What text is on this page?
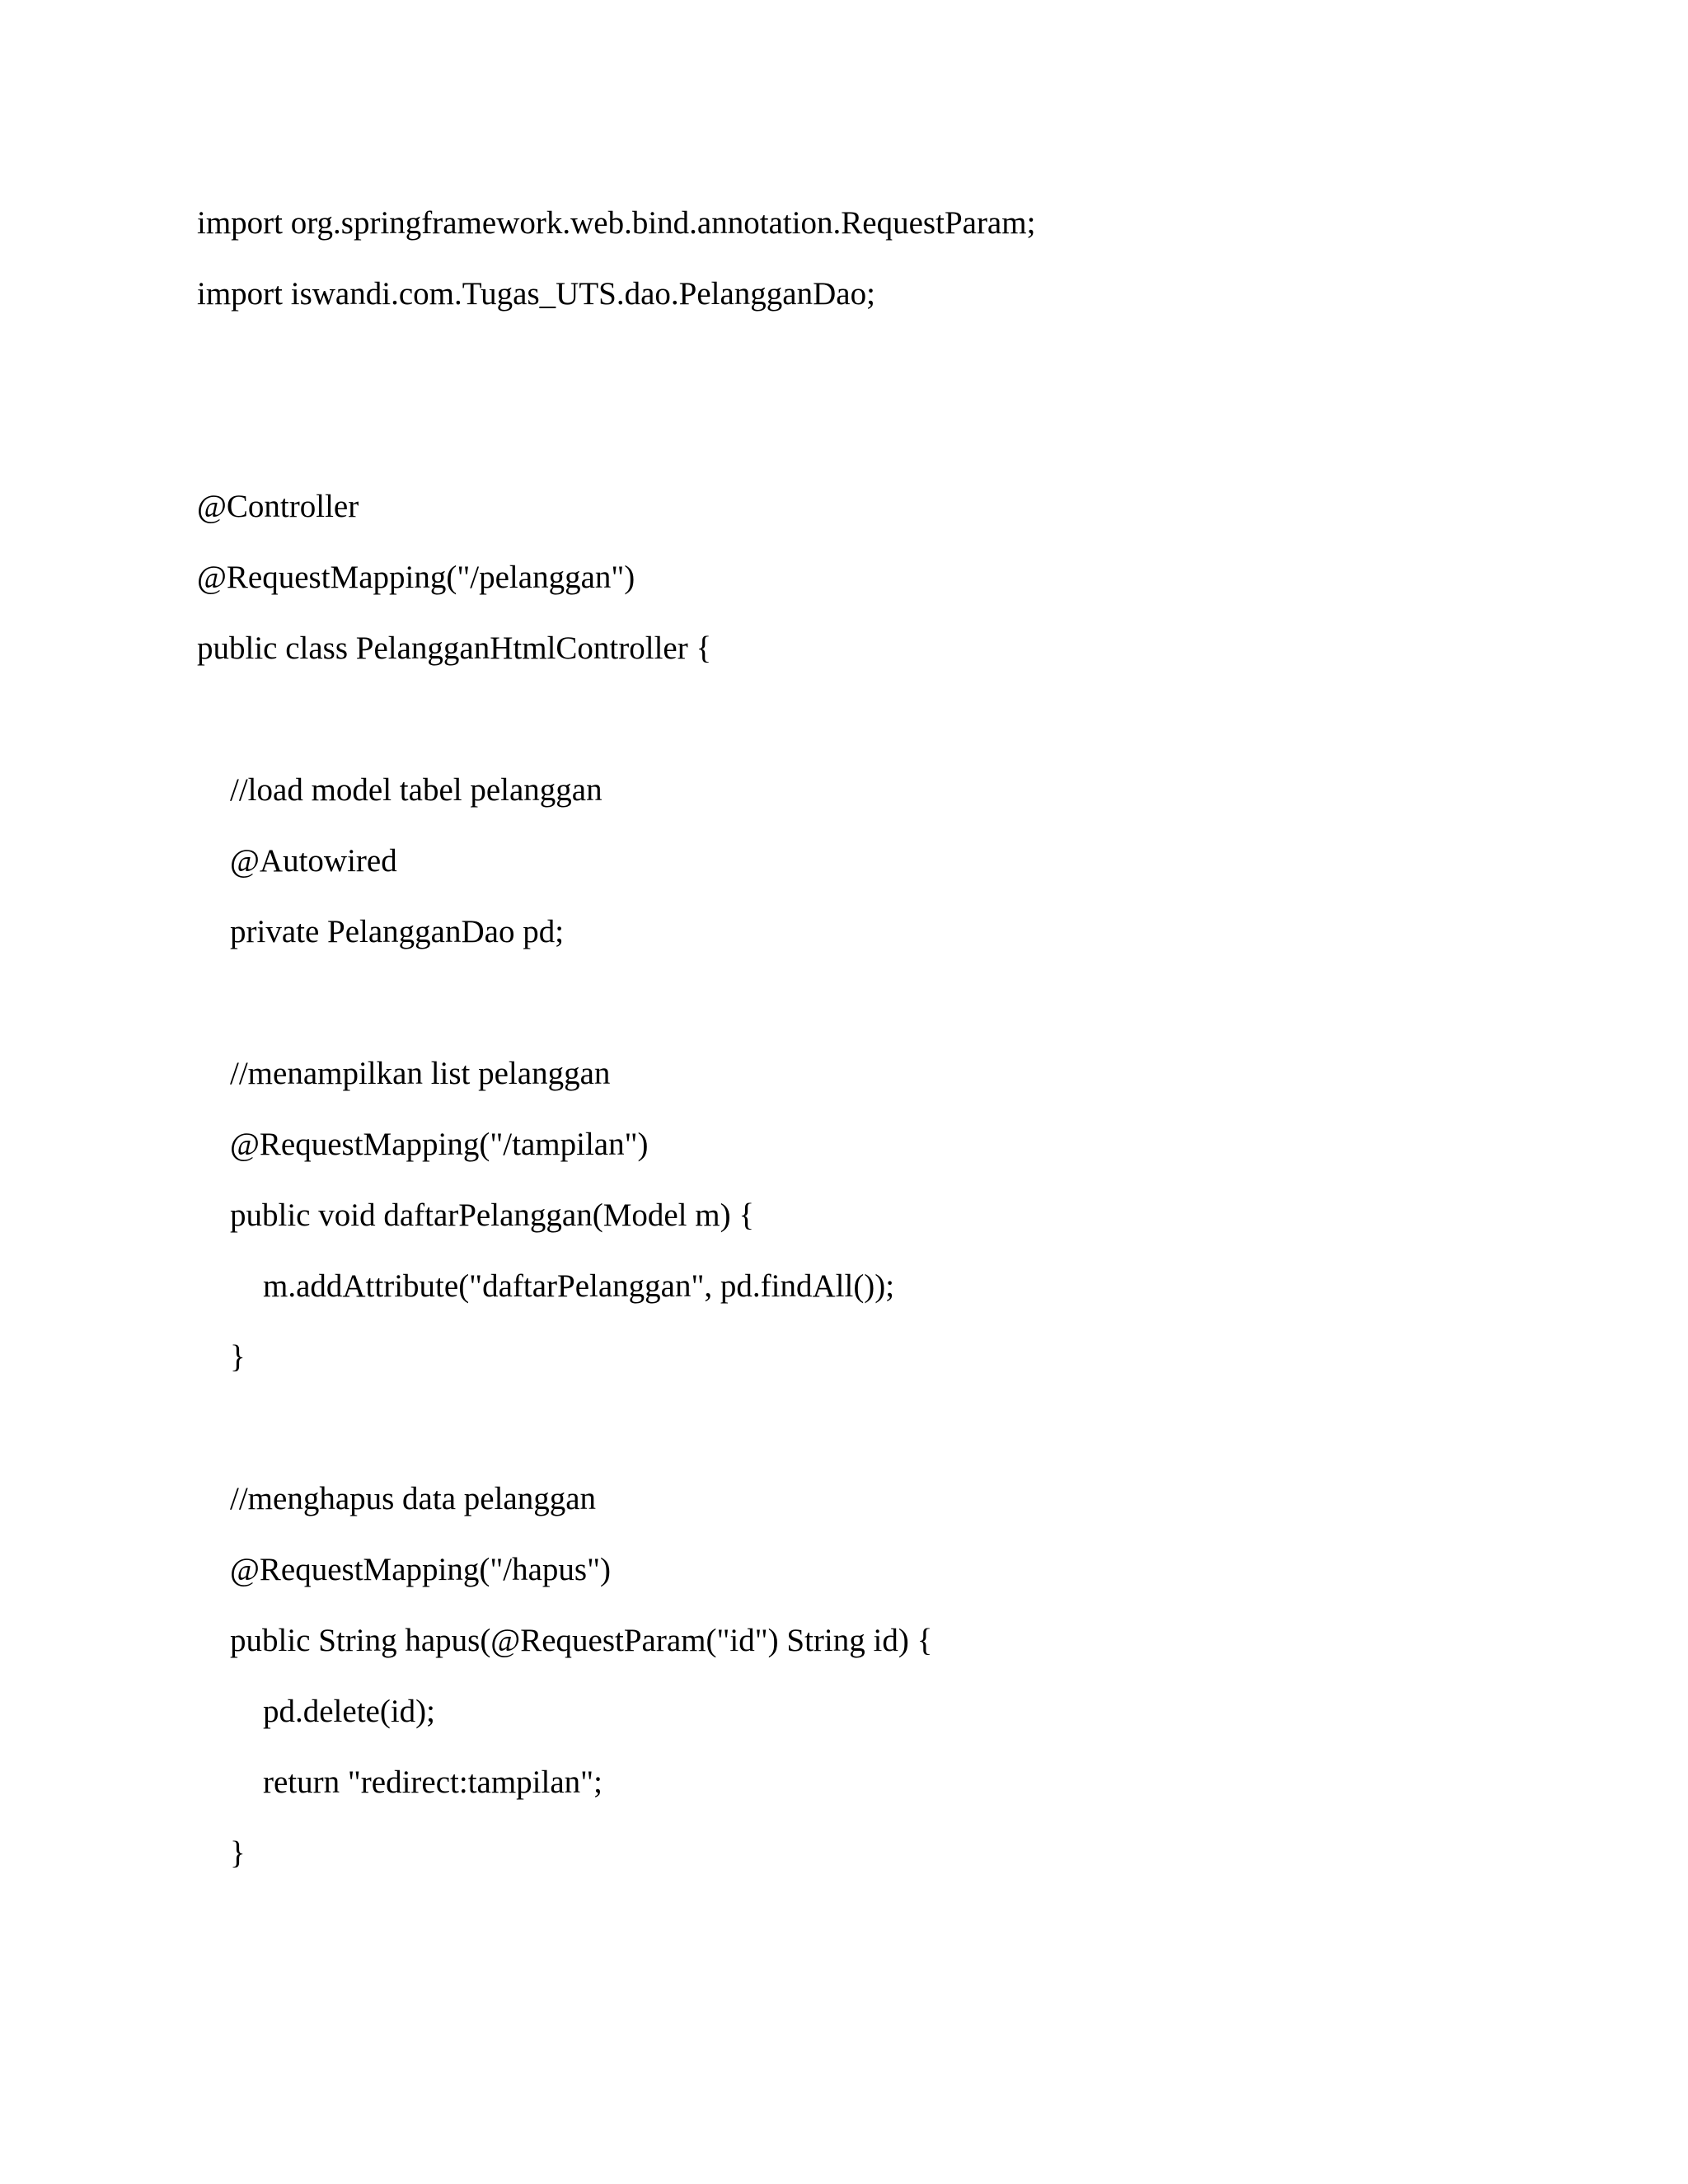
import org.springframework.web.bind.annotation.RequestParam;
import iswandi.com.Tugas_UTS.dao.PelangganDao;
@Controller
@RequestMapping("/pelanggan")
public class PelangganHtmlController {
//load model tabel pelanggan
@Autowired
private PelangganDao pd;
//menampilkan list pelanggan
@RequestMapping("/tampilan")
public void daftarPelanggan(Model m) {
m.addAttribute("daftarPelanggan", pd.findAll());
}
//menghapus data pelanggan
@RequestMapping("/hapus")
public String hapus(@RequestParam("id") String id) {
pd.delete(id);
return "redirect:tampilan";
}
